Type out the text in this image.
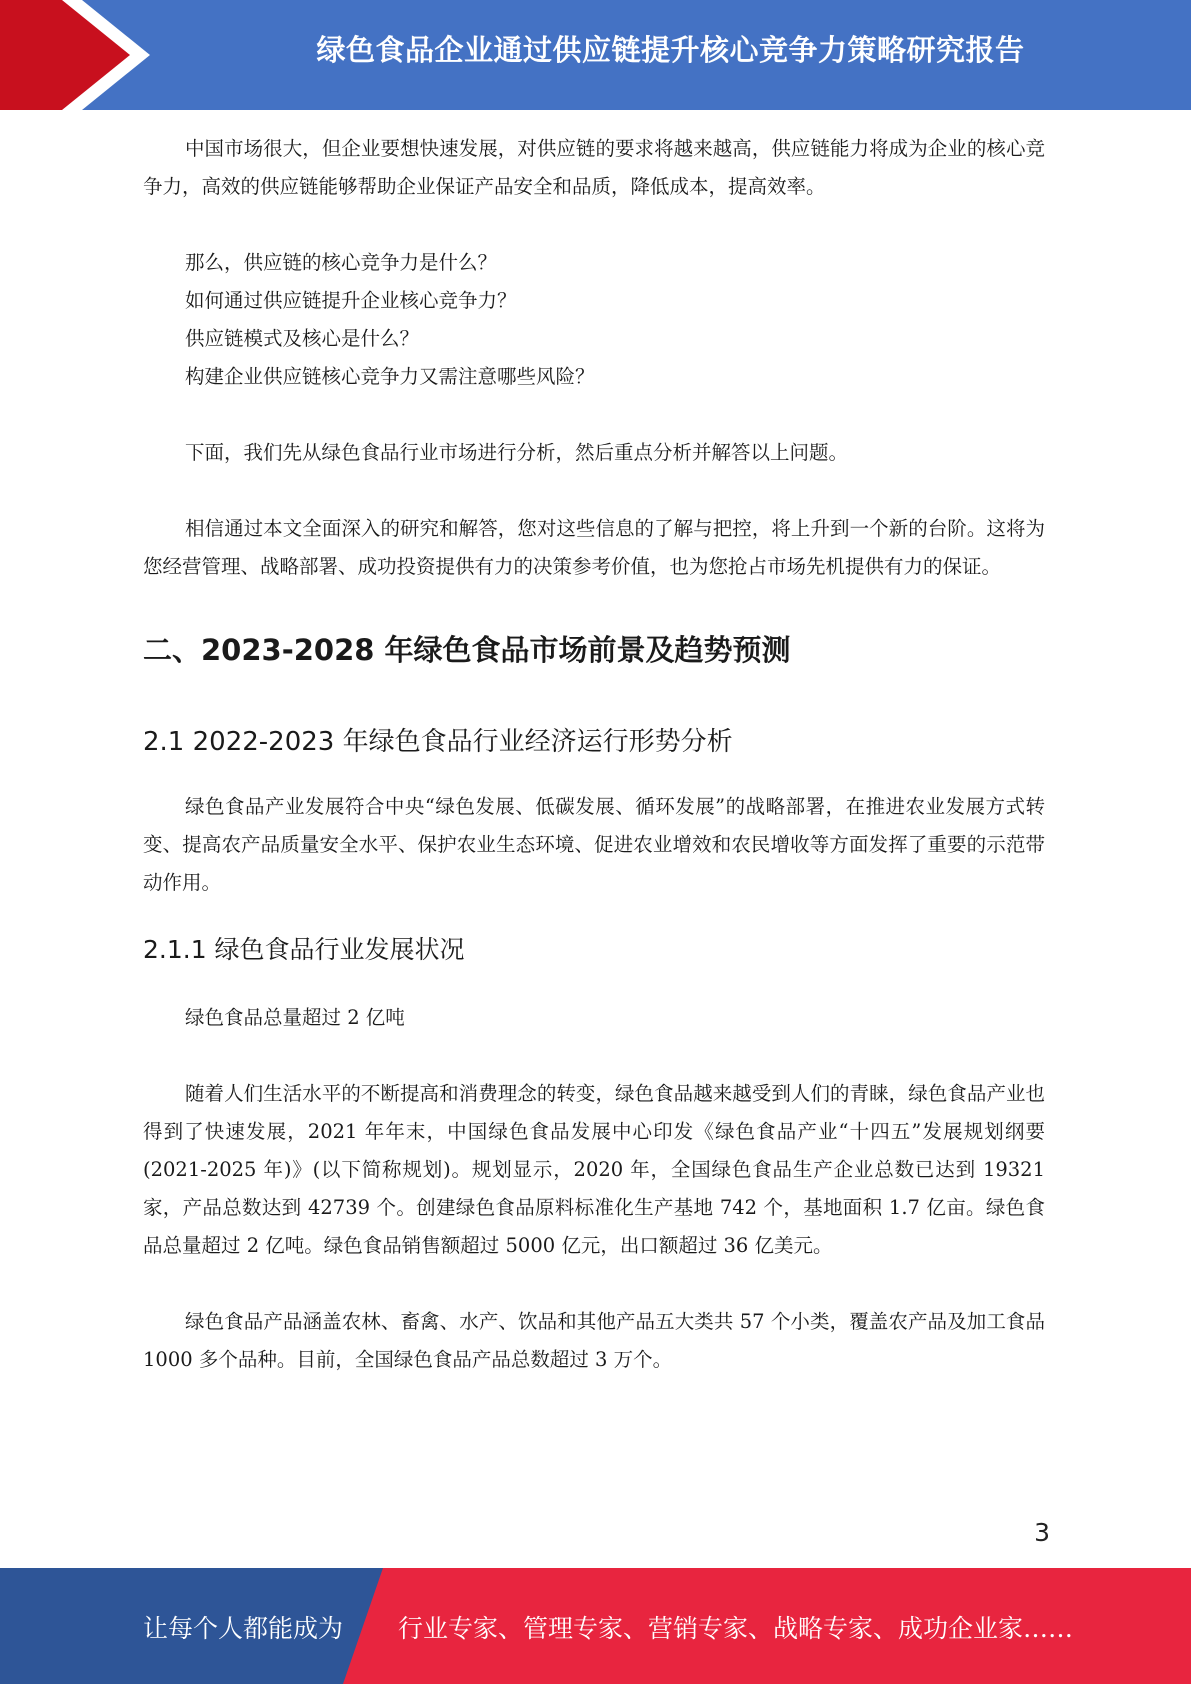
绿色食品企业通过供应链提升核心竞争力策略研究报告

中国市场很大，但企业要想快速发展，对供应链的要求将越来越高，供应链能力将成为企业的核心竞争力，高效的供应链能够帮助企业保证产品安全和品质，降低成本，提高效率。

那么，供应链的核心竞争力是什么？

如何通过供应链提升企业核心竞争力？

供应链模式及核心是什么？

构建企业供应链核心竞争力又需注意哪些风险？

下面，我们先从绿色食品行业市场进行分析，然后重点分析并解答以上问题。

相信通过本文全面深入的研究和解答，您对这些信息的了解与把控，将上升到一个新的台阶。这将为您经营管理、战略部署、成功投资提供有力的决策参考价值，也为您抢占市场先机提供有力的保证。

二、2023-2028 年绿色食品市场前景及趋势预测
2.1 2022-2023 年绿色食品行业经济运行形势分析

绿色食品产业发展符合中央“绿色发展、低碳发展、循环发展”的战略部署，在推进农业发展方式转变、提高农产品质量安全水平、保护农业生态环境、促进农业增效和农民增收等方面发挥了重要的示范带动作用。

2.1.1 绿色食品行业发展状况

绿色食品总量超过 2 亿吨

随着人们生活水平的不断提高和消费理念的转变，绿色食品越来越受到人们的青睐，绿色食品产业也得到了快速发展，2021 年年末，中国绿色食品发展中心印发《绿色食品产业“十四五”发展规划纲要(2021-2025 年)》(以下简称规划)。规划显示，2020 年，全国绿色食品生产企业总数已达到 19321 家，产品总数达到 42739 个。创建绿色食品原料标准化生产基地 742 个，基地面积 1.7 亿亩。绿色食品总量超过 2 亿吨。绿色食品销售额超过 5000 亿元，出口额超过 36 亿美元。

绿色食品产品涵盖农林、畜禽、水产、饮品和其他产品五大类共 57 个小类，覆盖农产品及加工食品 1000 多个品种。目前，全国绿色食品产品总数超过 3 万个。

3
让每个人都能成为 行业专家、管理专家、营销专家、战略专家、成功企业家……
